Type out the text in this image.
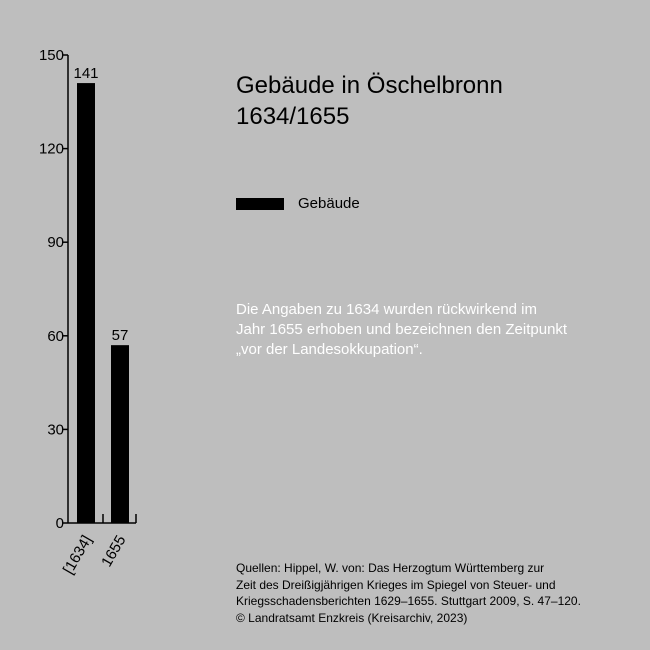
0
30
60
90
120
150
141
57
[1634] 1655
Gebäude in Öschelbronn
1634/1655
Gebäude
Die Angaben zu 1634 wurden rückwirkend im
Jahr 1655 erhoben und bezeichnen den Zeitpunkt
„vor der Landesokkupation“.
Quellen: Hippel, W. von: Das Herzogtum Württemberg zur
Zeit des Dreißigjährigen Krieges im Spiegel von Steuer- und
Kriegsschadensberichten 1629–1655. Stuttgart 2009, S. 47–120.
© Landratsamt Enzkreis (Kreisarchiv, 2023)
